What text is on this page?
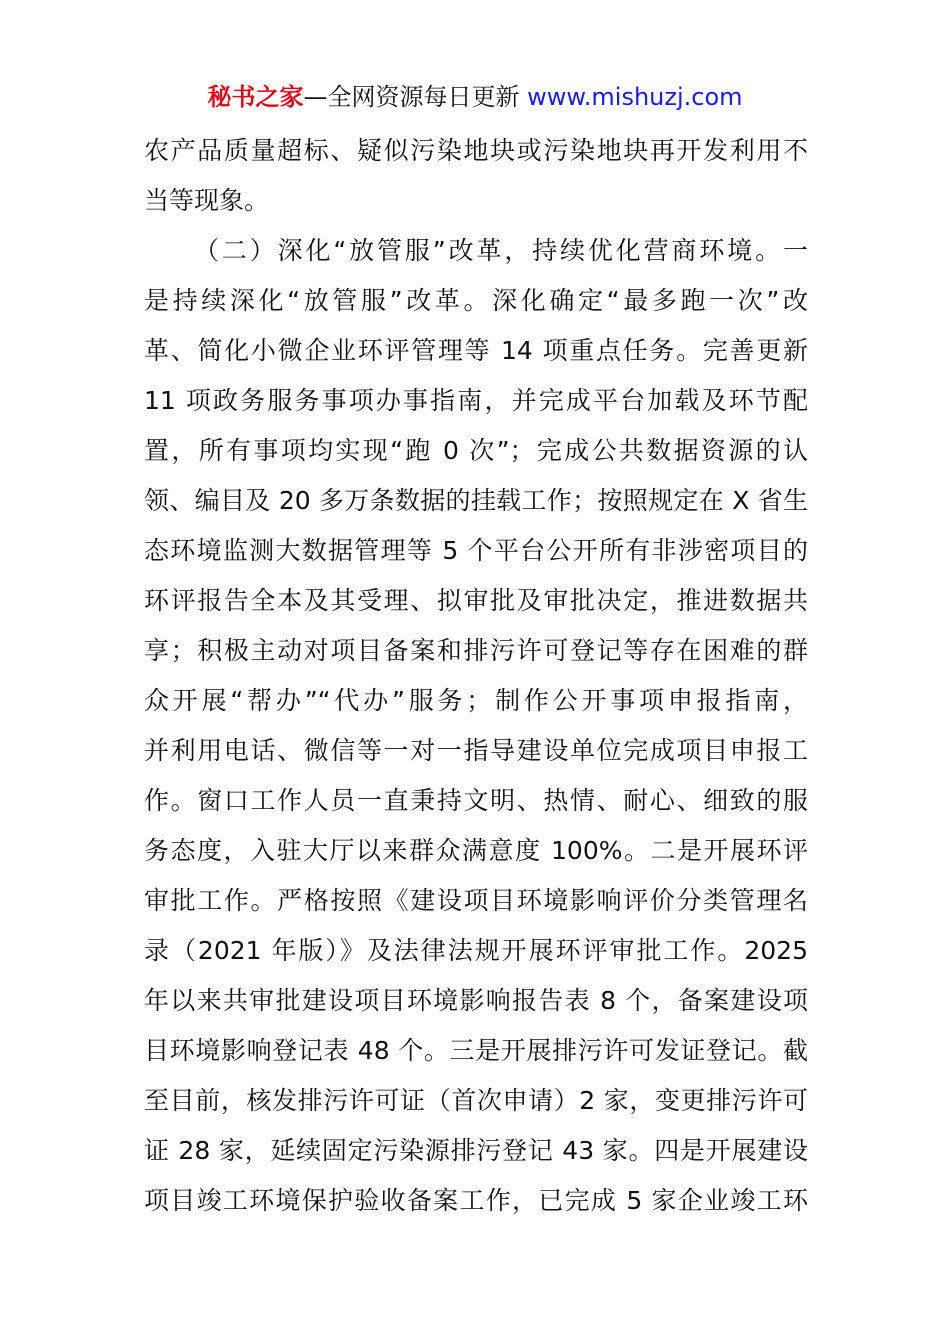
秘书之家—全网资源每日更新 www.mishuzj.com
农产品质量超标、疑似污染地块或污染地块再开发利用不
当等现象。
（二）深化“放管服”改革，持续优化营商环境。一
是持续深化“放管服”改革。深化确定“最多跑一次”改
革、简化小微企业环评管理等 14 项重点任务。完善更新
11 项政务服务事项办事指南，并完成平台加载及环节配
置，所有事项均实现“跑 0 次”；完成公共数据资源的认
领、编目及 20 多万条数据的挂载工作；按照规定在 X 省生
态环境监测大数据管理等 5 个平台公开所有非涉密项目的
环评报告全本及其受理、拟审批及审批决定，推进数据共
享；积极主动对项目备案和排污许可登记等存在困难的群
众开展“帮办”“代办”服务；制作公开事项申报指南，
并利用电话、微信等一对一指导建设单位完成项目申报工
作。窗口工作人员一直秉持文明、热情、耐心、细致的服
务态度，入驻大厅以来群众满意度 100%。二是开展环评
审批工作。严格按照《建设项目环境影响评价分类管理名
录（2021 年版）》及法律法规开展环评审批工作。2025
年以来共审批建设项目环境影响报告表 8 个，备案建设项
目环境影响登记表 48 个。三是开展排污许可发证登记。截
至目前，核发排污许可证（首次申请）2 家，变更排污许可
证 28 家，延续固定污染源排污登记 43 家。四是开展建设
项目竣工环境保护验收备案工作，已完成 5 家企业竣工环
